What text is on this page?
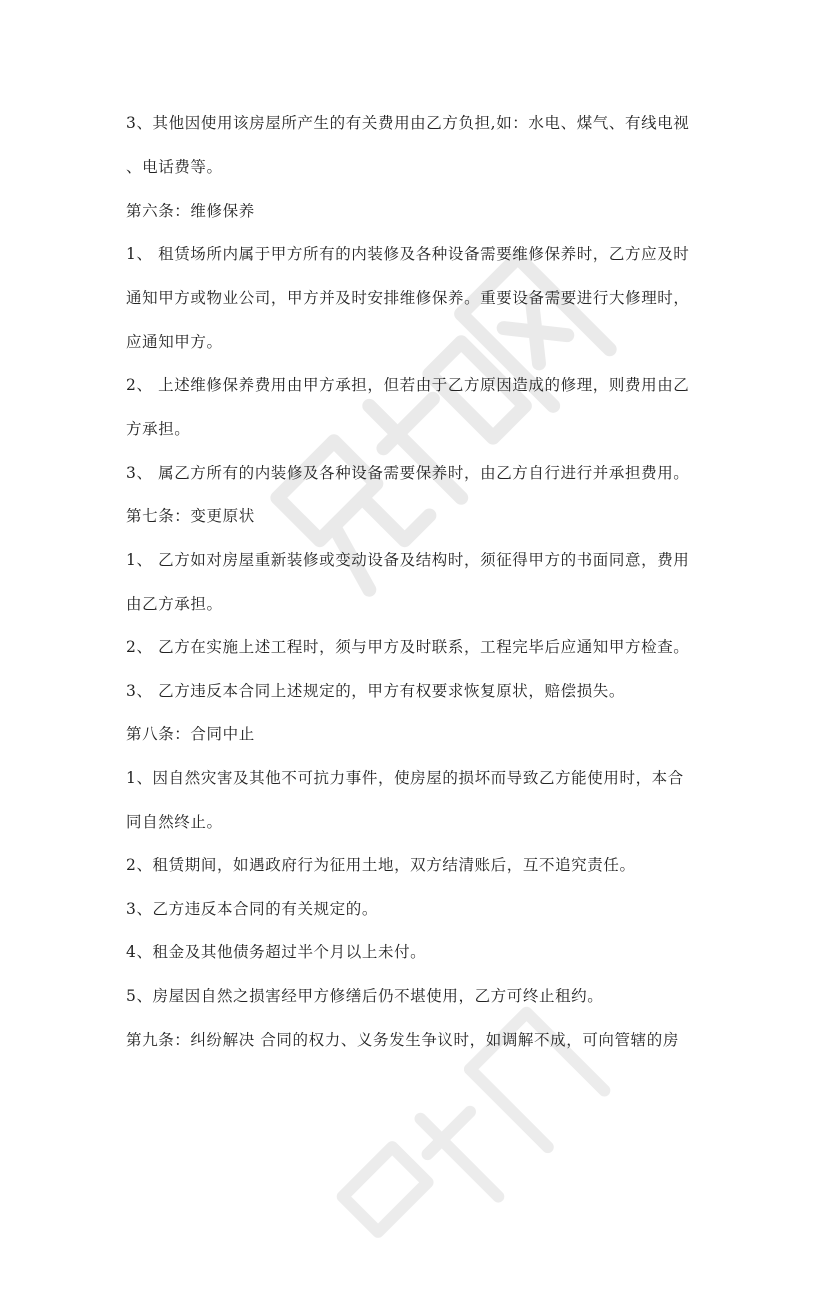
3、其他因使用该房屋所产生的有关费用由乙方负担,如：水电、煤气、有线电视
、电话费等。
第六条：维修保养
1、 租赁场所内属于甲方所有的内装修及各种设备需要维修保养时，乙方应及时
通知甲方或物业公司，甲方并及时安排维修保养。重要设备需要进行大修理时，
应通知甲方。
2、 上述维修保养费用由甲方承担，但若由于乙方原因造成的修理，则费用由乙
方承担。
3、 属乙方所有的内装修及各种设备需要保养时，由乙方自行进行并承担费用。
第七条：变更原状
1、 乙方如对房屋重新装修或变动设备及结构时，须征得甲方的书面同意，费用
由乙方承担。
2、 乙方在实施上述工程时，须与甲方及时联系，工程完毕后应通知甲方检查。
3、 乙方违反本合同上述规定的，甲方有权要求恢复原状，赔偿损失。
第八条：合同中止
1、因自然灾害及其他不可抗力事件，使房屋的损坏而导致乙方能使用时，本合
同自然终止。
2、租赁期间，如遇政府行为征用土地，双方结清账后，互不追究责任。
3、乙方违反本合同的有关规定的。
4、租金及其他债务超过半个月以上未付。
5、房屋因自然之损害经甲方修缮后仍不堪使用，乙方可终止租约。
第九条：纠纷解决 合同的权力、义务发生争议时，如调解不成，可向管辖的房
